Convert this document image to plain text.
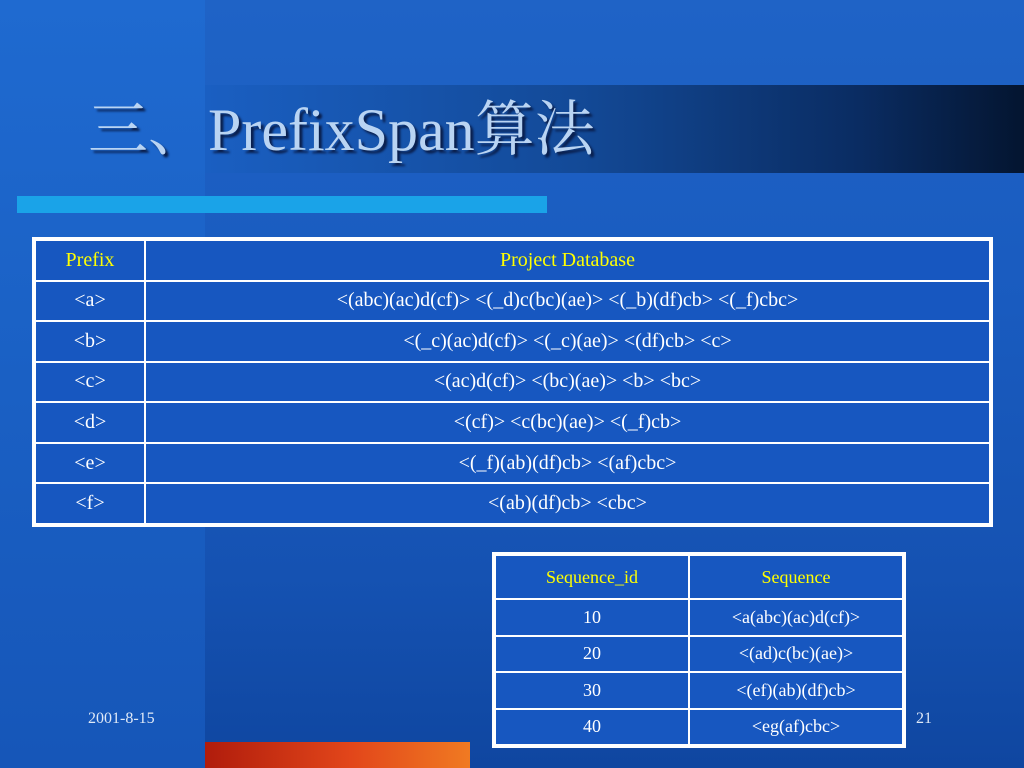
三、PrefixSpan算法
Prefix	Project Database
<a>	<(abc)(ac)d(cf)> <(_d)c(bc)(ae)> <(_b)(df)cb> <(_f)cbc>
<b>	<(_c)(ac)d(cf)> <(_c)(ae)> <(df)cb> <c>
<c>	<(ac)d(cf)> <(bc)(ae)> <b> <bc>
<d>	<(cf)> <c(bc)(ae)> <(_f)cb>
<e>	<(_f)(ab)(df)cb> <(af)cbc>
<f>	<(ab)(df)cb> <cbc>
Sequence_id	Sequence
10	<a(abc)(ac)d(cf)>
20	<(ad)c(bc)(ae)>
30	<(ef)(ab)(df)cb>
40	<eg(af)cbc>
2001-8-15	21
